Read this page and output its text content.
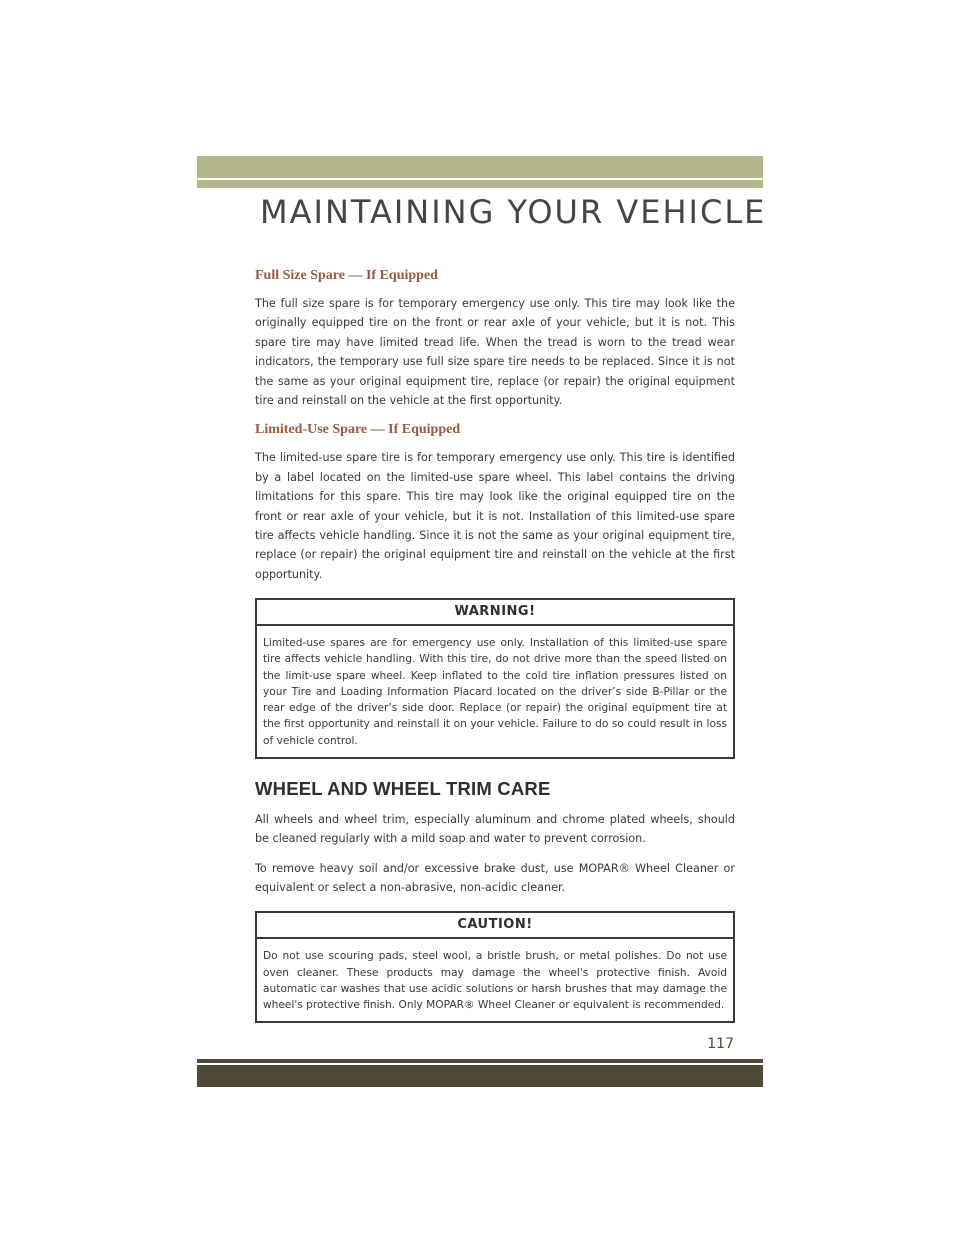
MAINTAINING YOUR VEHICLE
Full Size Spare — If Equipped

The full size spare is for temporary emergency use only. This tire may look like the originally equipped tire on the front or rear axle of your vehicle, but it is not. This spare tire may have limited tread life. When the tread is worn to the tread wear indicators, the temporary use full size spare tire needs to be replaced. Since it is not the same as your original equipment tire, replace (or repair) the original equipment tire and reinstall on the vehicle at the first opportunity.

Limited-Use Spare — If Equipped

The limited-use spare tire is for temporary emergency use only. This tire is identified by a label located on the limited-use spare wheel. This label contains the driving limitations for this spare. This tire may look like the original equipped tire on the front or rear axle of your vehicle, but it is not. Installation of this limited-use spare tire affects vehicle handling. Since it is not the same as your original equipment tire, replace (or repair) the original equipment tire and reinstall on the vehicle at the first opportunity.

WARNING!
Limited-use spares are for emergency use only. Installation of this limited-use spare tire affects vehicle handling. With this tire, do not drive more than the speed listed on the limit-use spare wheel. Keep inflated to the cold tire inflation pressures listed on your Tire and Loading Information Placard located on the driver’s side B-Pillar or the rear edge of the driver’s side door. Replace (or repair) the original equipment tire at the first opportunity and reinstall it on your vehicle. Failure to do so could result in loss of vehicle control.
WHEEL AND WHEEL TRIM CARE

All wheels and wheel trim, especially aluminum and chrome plated wheels, should be cleaned regularly with a mild soap and water to prevent corrosion.

To remove heavy soil and/or excessive brake dust, use MOPAR® Wheel Cleaner or equivalent or select a non-abrasive, non-acidic cleaner.

CAUTION!
Do not use scouring pads, steel wool, a bristle brush, or metal polishes. Do not use oven cleaner. These products may damage the wheel's protective finish. Avoid automatic car washes that use acidic solutions or harsh brushes that may damage the wheel's protective finish. Only MOPAR® Wheel Cleaner or equivalent is recommended.
117
